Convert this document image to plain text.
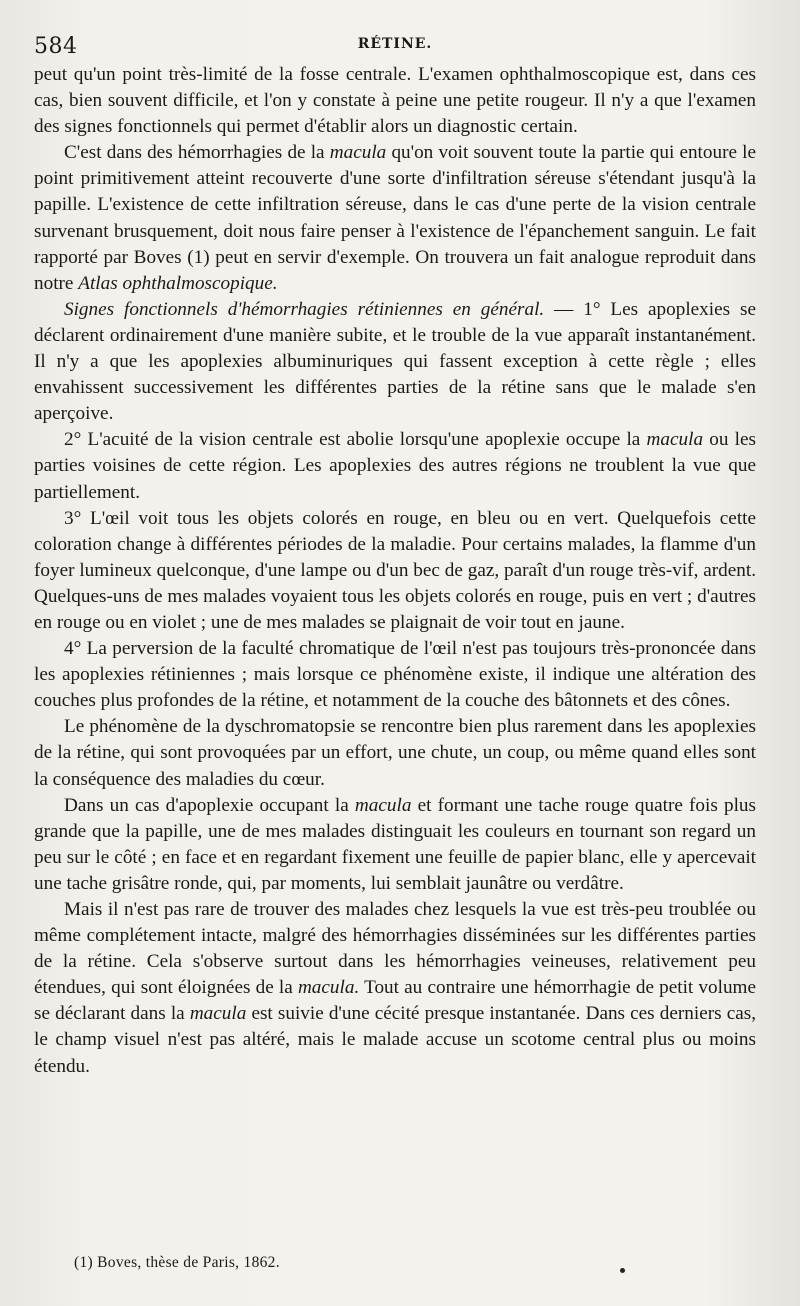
584	RÉTINE.

peut qu'un point très-limité de la fosse centrale. L'examen ophthalmoscopique est, dans ces cas, bien souvent difficile, et l'on y constate à peine une petite rougeur. Il n'y a que l'examen des signes fonctionnels qui permet d'établir alors un diagnostic certain.

C'est dans des hémorrhagies de la macula qu'on voit souvent toute la partie qui entoure le point primitivement atteint recouverte d'une sorte d'infiltration séreuse s'étendant jusqu'à la papille. L'existence de cette infiltration séreuse, dans le cas d'une perte de la vision centrale survenant brusquement, doit nous faire penser à l'existence de l'épanchement sanguin. Le fait rapporté par Boves (1) peut en servir d'exemple. On trouvera un fait analogue reproduit dans notre Atlas ophthalmoscopique.

Signes fonctionnels d'hémorrhagies rétiniennes en général. — 1° Les apoplexies se déclarent ordinairement d'une manière subite, et le trouble de la vue apparaît instantanément. Il n'y a que les apoplexies albuminuriques qui fassent exception à cette règle ; elles envahissent successivement les différentes parties de la rétine sans que le malade s'en aperçoive.

2° L'acuité de la vision centrale est abolie lorsqu'une apoplexie occupe la macula ou les parties voisines de cette région. Les apoplexies des autres régions ne troublent la vue que partiellement.

3° L'œil voit tous les objets colorés en rouge, en bleu ou en vert. Quelquefois cette coloration change à différentes périodes de la maladie. Pour certains malades, la flamme d'un foyer lumineux quelconque, d'une lampe ou d'un bec de gaz, paraît d'un rouge très-vif, ardent. Quelques-uns de mes malades voyaient tous les objets colorés en rouge, puis en vert ; d'autres en rouge ou en violet ; une de mes malades se plaignait de voir tout en jaune.

4° La perversion de la faculté chromatique de l'œil n'est pas toujours très-prononcée dans les apoplexies rétiniennes ; mais lorsque ce phénomène existe, il indique une altération des couches plus profondes de la rétine, et notamment de la couche des bâtonnets et des cônes.

Le phénomène de la dyschromatopsie se rencontre bien plus rarement dans les apoplexies de la rétine, qui sont provoquées par un effort, une chute, un coup, ou même quand elles sont la conséquence des maladies du cœur.

Dans un cas d'apoplexie occupant la macula et formant une tache rouge quatre fois plus grande que la papille, une de mes malades distinguait les couleurs en tournant son regard un peu sur le côté ; en face et en regardant fixement une feuille de papier blanc, elle y apercevait une tache grisâtre ronde, qui, par moments, lui semblait jaunâtre ou verdâtre.

Mais il n'est pas rare de trouver des malades chez lesquels la vue est très-peu troublée ou même complétement intacte, malgré des hémorrhagies disséminées sur les différentes parties de la rétine. Cela s'observe surtout dans les hémorrhagies veineuses, relativement peu étendues, qui sont éloignées de la macula. Tout au contraire une hémorrhagie de petit volume se déclarant dans la macula est suivie d'une cécité presque instantanée. Dans ces derniers cas, le champ visuel n'est pas altéré, mais le malade accuse un scotome central plus ou moins étendu.

(1) Boves, thèse de Paris, 1862.
